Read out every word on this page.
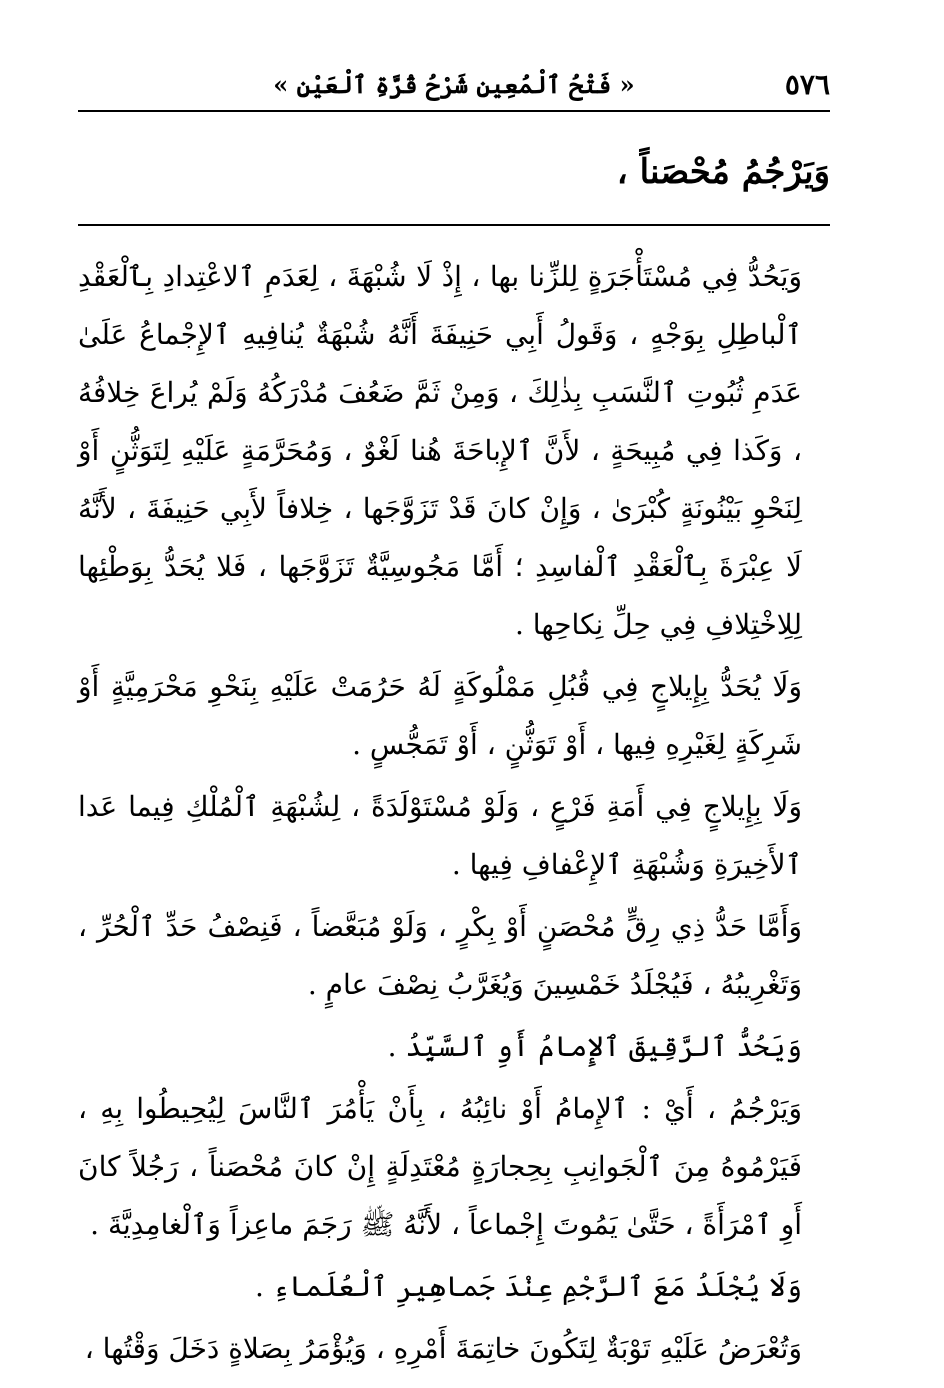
٥٧٦
« فَتْحُ ٱلْمُعِينِ شَرْحُ قُرَّةِ ٱلْعَيْنِ »
وَيَرْجُمُ مُحْصَناً ،

وَيَحُدُّ فِي مُسْتَأْجَرَةٍ لِلزِّنا بها ، إِذْ لَا شُبْهَةَ ، لِعَدَمِ ٱلاعْتِدادِ بِٱلْعَقْدِ ٱلْباطِلِ بِوَجْهٍ ، وَقَولُ أَبِي حَنِيفَةَ أَنَّهُ شُبْهَةٌ يُنافِيهِ ٱلإِجْماعُ عَلَىٰ عَدَمِ ثُبُوتِ ٱلنَّسَبِ بِذٰلِكَ ، وَمِنْ ثَمَّ ضَعُفَ مُدْرَكُهُ وَلَمْ يُراعَ خِلافُهُ ، وَكَذا فِي مُبِيحَةٍ ، لأَنَّ ٱلإِباحَةَ هُنا لَغْوٌ ، وَمُحَرَّمَةٍ عَلَيْهِ لِتَوَثُّنٍ أَوْ لِنَحْوِ بَيْنُونَةٍ كُبْرَىٰ ، وَإِنْ كانَ قَدْ تَزَوَّجَها ، خِلافاً لأَبِي حَنِيفَةَ ، لأَنَّهُ لَا عِبْرَةَ بِٱلْعَقْدِ ٱلْفاسِدِ ؛ أَمَّا مَجُوسِيَّةٌ تَزَوَّجَها ، فَلا يُحَدُّ بِوَطْئِها لِلِاخْتِلافِ فِي حِلِّ نِكاحِها .

وَلَا يُحَدُّ بِإِيلاجٍ فِي قُبُلِ مَمْلُوكَةٍ لَهُ حَرُمَتْ عَلَيْهِ بِنَحْوِ مَحْرَمِيَّةٍ أَوْ شَرِكَةٍ لِغَيْرِهِ فِيها ، أَوْ تَوَثُّنٍ ، أَوْ تَمَجُّسٍ .

وَلَا بِإِيلاجٍ فِي أَمَةِ فَرْعٍ ، وَلَوْ مُسْتَوْلَدَةً ، لِشُبْهَةِ ٱلْمُلْكِ فِيما عَدا ٱلأَخِيرَةِ وَشُبْهَةِ ٱلإِعْفافِ فِيها .

وَأَمَّا حَدُّ ذِي رِقٍّ مُحْصَنٍ أَوْ بِكْرٍ ، وَلَوْ مُبَعَّضاً ، فَنِصْفُ حَدِّ ٱلْحُرِّ ، وَتَغْرِيبُهُ ، فَيُجْلَدُ خَمْسِينَ وَيُغَرَّبُ نِصْفَ عامٍ .

وَيَحُدُّ ٱلرَّقِيقَ ٱلإِمامُ أَوِ ٱلسَّيِّدُ .

وَيَرْجُمُ ، أَيْ : ٱلإِمامُ أَوْ نائِبُهُ ، بِأَنْ يَأْمُرَ ٱلنَّاسَ لِيُحِيطُوا بِهِ ، فَيَرْمُوهُ مِنَ ٱلْجَوانِبِ بِحِجارَةٍ مُعْتَدِلَةٍ إِنْ كانَ مُحْصَناً ، رَجُلاً كانَ أَوِ ٱمْرَأَةً ، حَتَّىٰ يَمُوتَ إِجْماعاً ، لأَنَّهُ ﷺ رَجَمَ ماعِزاً وَٱلْغامِدِيَّةَ .

وَلَا يُجْلَدُ مَعَ ٱلرَّجْمِ عِنْدَ جَماهِيرِ ٱلْعُلَماءِ .

وَتُعْرَضُ عَلَيْهِ تَوْبَةٌ لِتَكُونَ خاتِمَةَ أَمْرِهِ ، وَيُؤْمَرُ بِصَلاةٍ دَخَلَ وَقْتُها ،
